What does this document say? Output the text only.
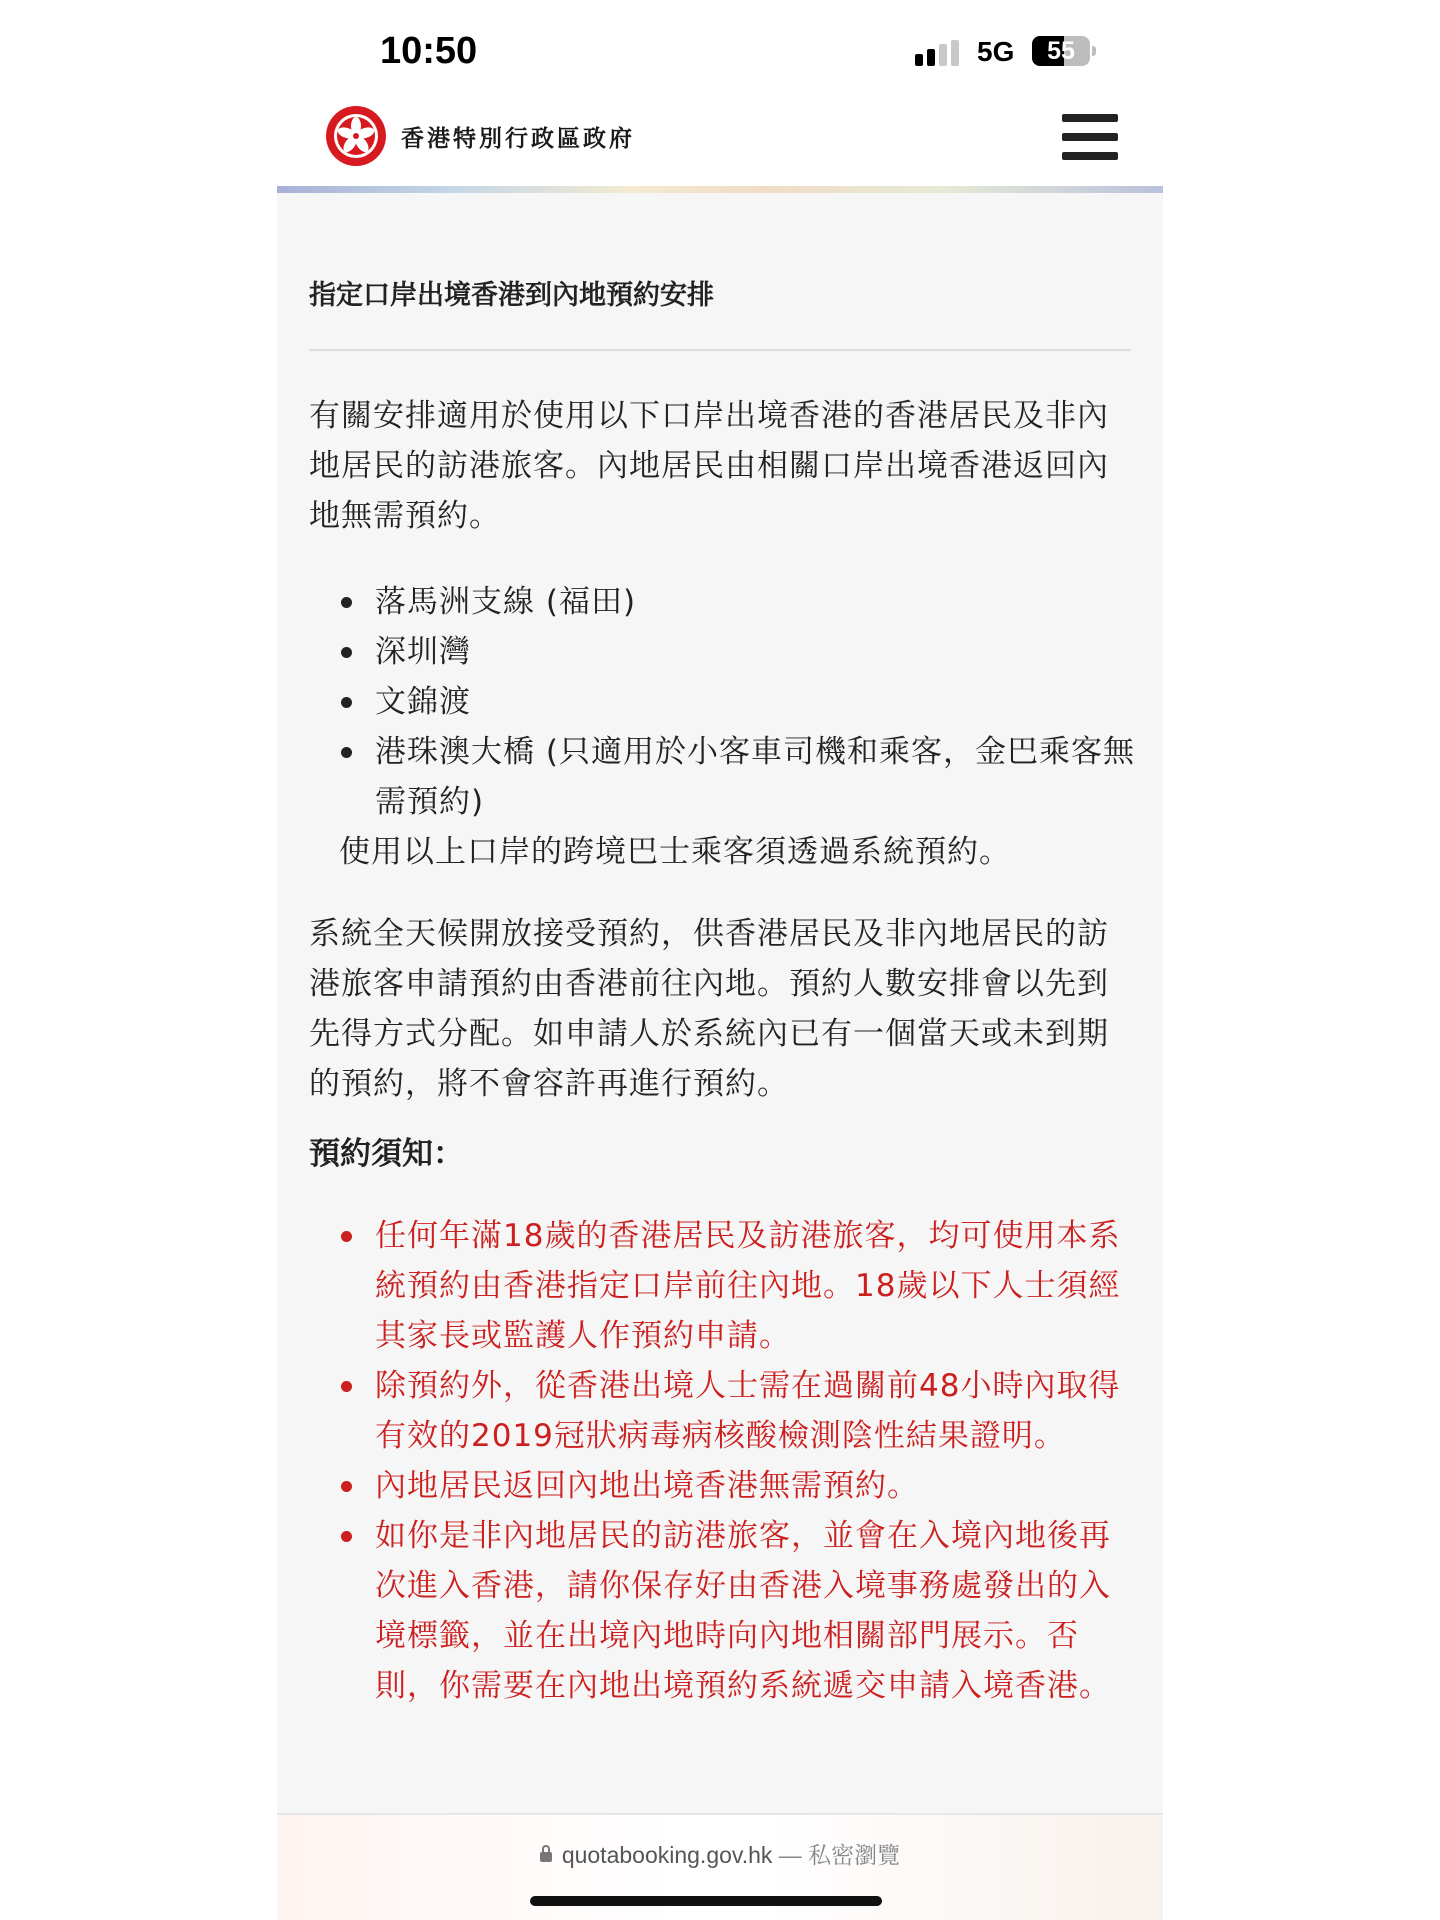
10:50	5G	55
香港特別行政區政府
指定口岸出境香港到內地預約安排
有關安排適用於使用以下口岸出境香港的香港居民及非內地居民的訪港旅客。內地居民由相關口岸出境香港返回內地無需預約。
落馬洲支線 (福田)
深圳灣
文錦渡
港珠澳大橋 (只適用於小客車司機和乘客，金巴乘客無需預約)
使用以上口岸的跨境巴士乘客須透過系統預約。
系統全天候開放接受預約，供香港居民及非內地居民的訪港旅客申請預約由香港前往內地。預約人數安排會以先到先得方式分配。如申請人於系統內已有一個當天或未到期的預約，將不會容許再進行預約。
預約須知：
任何年滿18歲的香港居民及訪港旅客，均可使用本系統預約由香港指定口岸前往內地。18歲以下人士須經其家長或監護人作預約申請。
除預約外，從香港出境人士需在過關前48小時內取得有效的2019冠狀病毒病核酸檢測陰性結果證明。
內地居民返回內地出境香港無需預約。
如你是非內地居民的訪港旅客，並會在入境內地後再次進入香港，請你保存好由香港入境事務處發出的入境標籤，並在出境內地時向內地相關部門展示。否則，你需要在內地出境預約系統遞交申請入境香港。
quotabooking.gov.hk — 私密瀏覽
